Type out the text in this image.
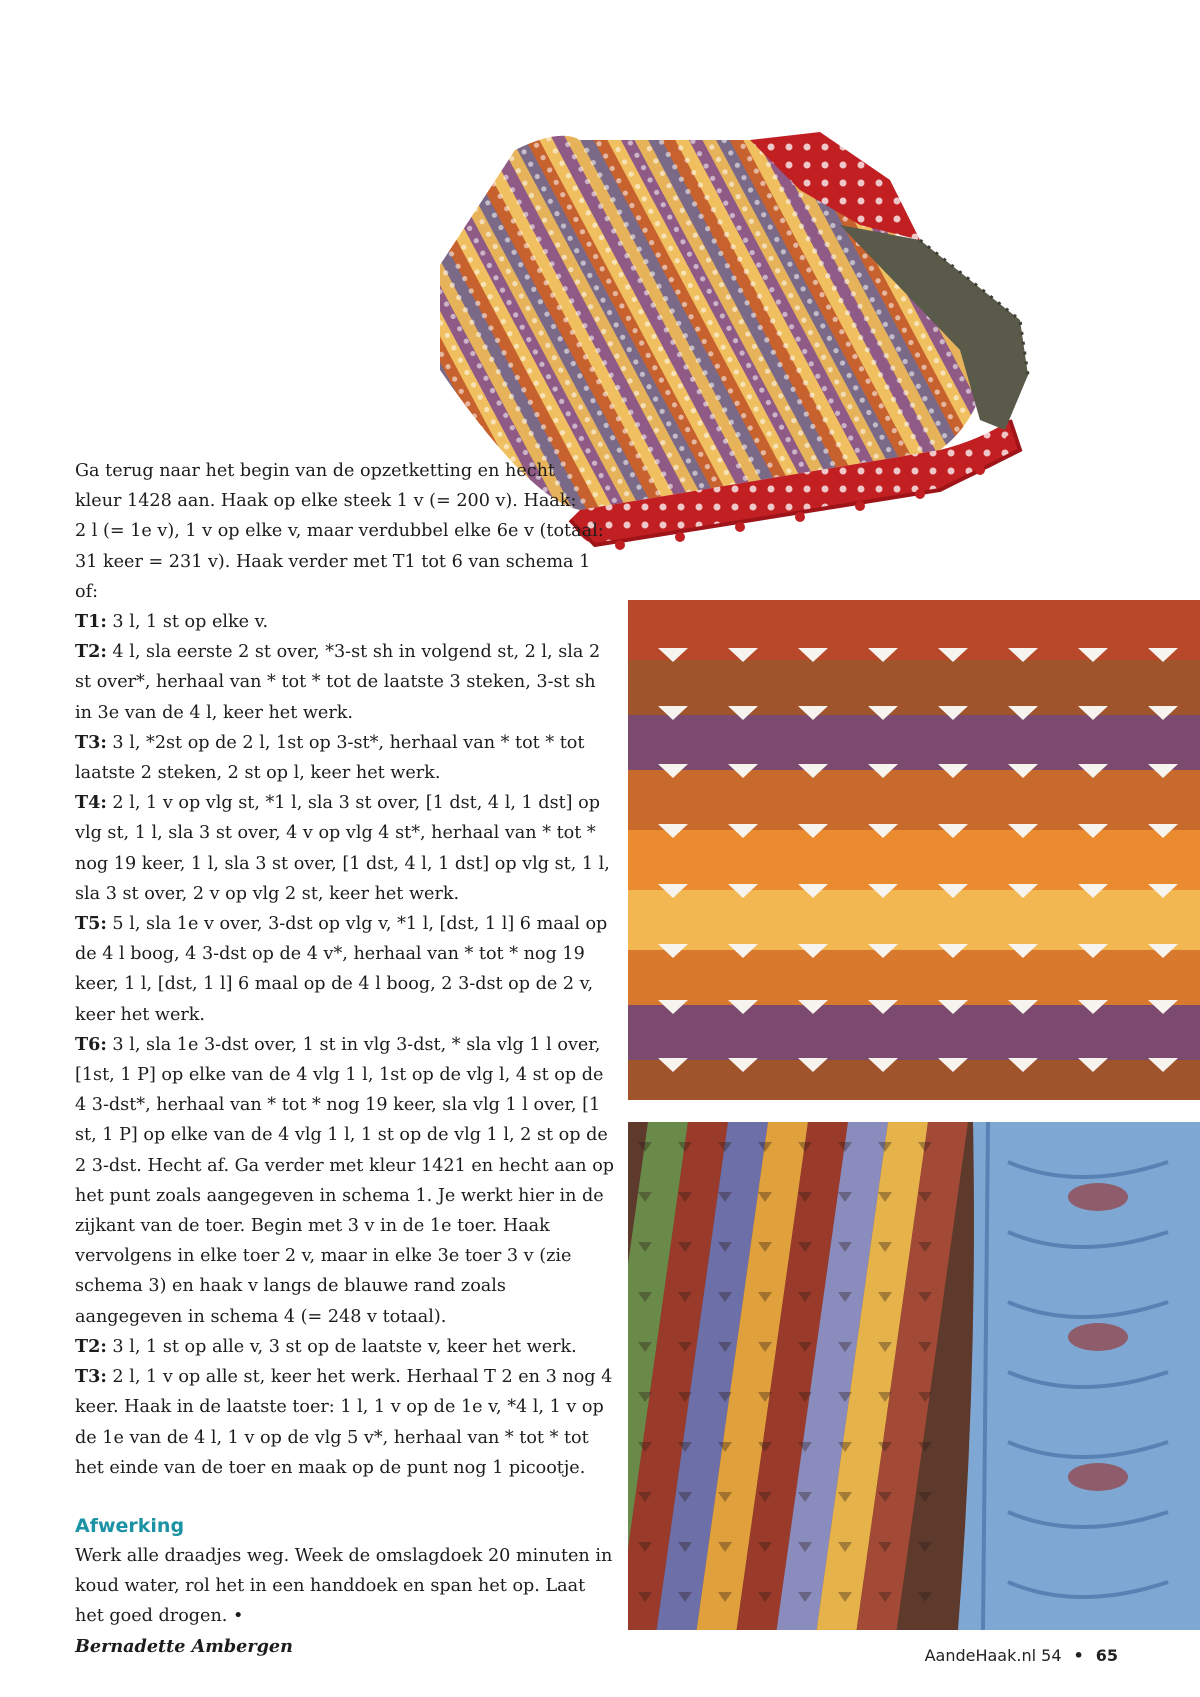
Ga terug naar het begin van de opzetketting en hecht
kleur 1428 aan. Haak op elke steek 1 v (= 200 v). Haak:
2 l (= 1e v), 1 v op elke v, maar verdubbel elke 6e v (totaal:
31 keer = 231 v). Haak verder met T1 tot 6 van schema 1 of:

T1: 3 l, 1 st op elke v.

T2: 4 l, sla eerste 2 st over, *3-st sh in volgend st, 2 l, sla 2 st over*, herhaal van * tot * tot de laatste 3 steken, 3-st sh in 3e van de 4 l, keer het werk.

T3: 3 l, *2st op de 2 l, 1st op 3-st*, herhaal van * tot * tot laatste 2 steken, 2 st op l, keer het werk.

T4: 2 l, 1 v op vlg st, *1 l, sla 3 st over, [1 dst, 4 l, 1 dst] op vlg st, 1 l, sla 3 st over, 4 v op vlg 4 st*, herhaal van * tot * nog 19 keer, 1 l, sla 3 st over, [1 dst, 4 l, 1 dst] op vlg st, 1 l, sla 3 st over, 2 v op vlg 2 st, keer het werk.

T5: 5 l, sla 1e v over, 3-dst op vlg v, *1 l, [dst, 1 l] 6 maal op de 4 l boog, 4 3-dst op de 4 v*, herhaal van * tot * nog 19 keer, 1 l, [dst, 1 l] 6 maal op de 4 l boog, 2 3-dst op de 2 v, keer het werk.

T6: 3 l, sla 1e 3-dst over, 1 st in vlg 3-dst, * sla vlg 1 l over, [1st, 1 P] op elke van de 4 vlg 1 l, 1st op de vlg l, 4 st op de 4 3-dst*, herhaal van * tot * nog 19 keer, sla vlg 1 l over, [1 st, 1 P] op elke van de 4 vlg 1 l, 1 st op de vlg 1 l, 2 st op de 2 3-dst. Hecht af. Ga verder met kleur 1421 en hecht aan op het punt zoals aangegeven in schema 1. Je werkt hier in de zijkant van de toer. Begin met 3 v in de 1e toer. Haak vervolgens in elke toer 2 v, maar in elke 3e toer 3 v (zie schema 3) en haak v langs de blauwe rand zoals aangegeven in schema 4 (= 248 v totaal).

T2: 3 l, 1 st op alle v, 3 st op de laatste v, keer het werk.

T3: 2 l, 1 v op alle st, keer het werk. Herhaal T 2 en 3 nog 4 keer. Haak in de laatste toer: 1 l, 1 v op de 1e v, *4 l, 1 v op de 1e van de 4 l, 1 v op de vlg 5 v*, herhaal van * tot * tot het einde van de toer en maak op de punt nog 1 picootje.

Afwerking

Werk alle draadjes weg. Week de omslagdoek 20 minuten in koud water, rol het in een handdoek en span het op. Laat het goed drogen. •

Bernadette Ambergen	AandeHaak.nl 54 • 65
